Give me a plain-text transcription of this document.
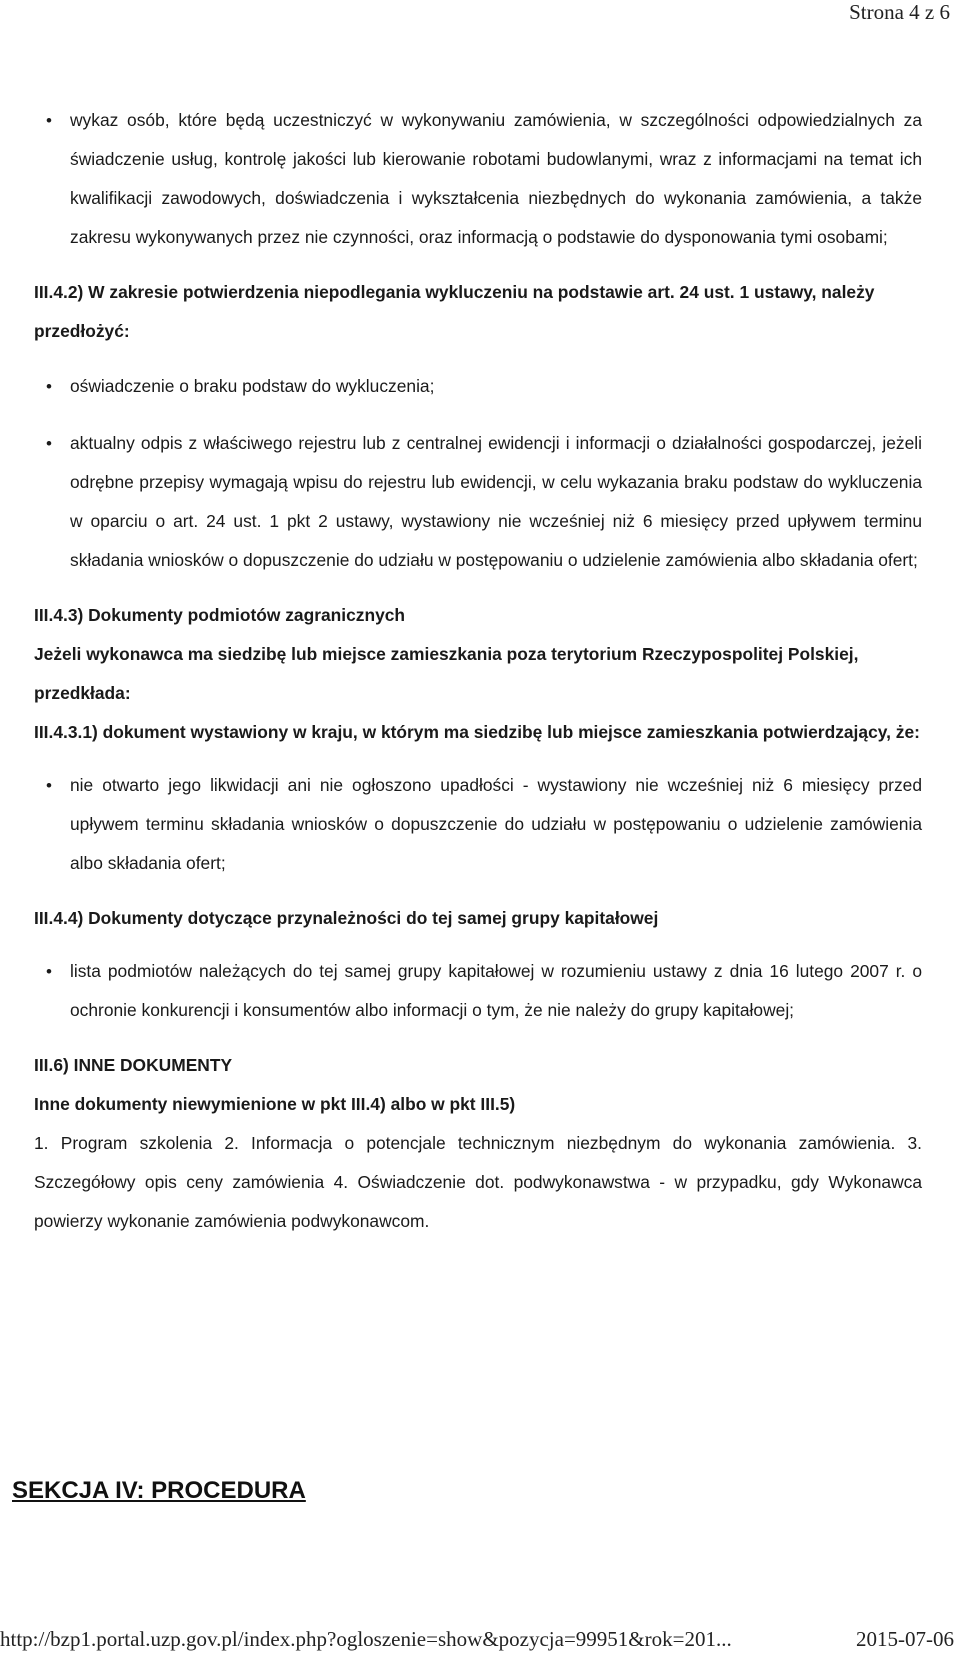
Strona 4 z 6
• wykaz osób, które będą uczestniczyć w wykonywaniu zamówienia, w szczególności odpowiedzialnych za świadczenie usług, kontrolę jakości lub kierowanie robotami budowlanymi, wraz z informacjami na temat ich kwalifikacji zawodowych, doświadczenia i wykształcenia niezbędnych do wykonania zamówienia, a także zakresu wykonywanych przez nie czynności, oraz informacją o podstawie do dysponowania tymi osobami;

III.4.2) W zakresie potwierdzenia niepodlegania wykluczeniu na podstawie art. 24 ust. 1 ustawy, należy przedłożyć:

• oświadczenie o braku podstaw do wykluczenia;
• aktualny odpis z właściwego rejestru lub z centralnej ewidencji i informacji o działalności gospodarczej, jeżeli odrębne przepisy wymagają wpisu do rejestru lub ewidencji, w celu wykazania braku podstaw do wykluczenia w oparciu o art. 24 ust. 1 pkt 2 ustawy, wystawiony nie wcześniej niż 6 miesięcy przed upływem terminu składania wniosków o dopuszczenie do udziału w postępowaniu o udzielenie zamówienia albo składania ofert;

III.4.3) Dokumenty podmiotów zagranicznych

Jeżeli wykonawca ma siedzibę lub miejsce zamieszkania poza terytorium Rzeczypospolitej Polskiej, przedkłada:

III.4.3.1) dokument wystawiony w kraju, w którym ma siedzibę lub miejsce zamieszkania potwierdzający, że:

• nie otwarto jego likwidacji ani nie ogłoszono upadłości - wystawiony nie wcześniej niż 6 miesięcy przed upływem terminu składania wniosków o dopuszczenie do udziału w postępowaniu o udzielenie zamówienia albo składania ofert;

III.4.4) Dokumenty dotyczące przynależności do tej samej grupy kapitałowej

• lista podmiotów należących do tej samej grupy kapitałowej w rozumieniu ustawy z dnia 16 lutego 2007 r. o ochronie konkurencji i konsumentów albo informacji o tym, że nie należy do grupy kapitałowej;

III.6) INNE DOKUMENTY

Inne dokumenty niewymienione w pkt III.4) albo w pkt III.5)

1. Program szkolenia 2. Informacja o potencjale technicznym niezbędnym do wykonania zamówienia. 3. Szczegółowy opis ceny zamówienia 4. Oświadczenie dot. podwykonawstwa - w przypadku, gdy Wykonawca powierzy wykonanie zamówienia podwykonawcom.

SEKCJA IV: PROCEDURA
http://bzp1.portal.uzp.gov.pl/index.php?ogloszenie=show&pozycja=99951&rok=201...	2015-07-06
